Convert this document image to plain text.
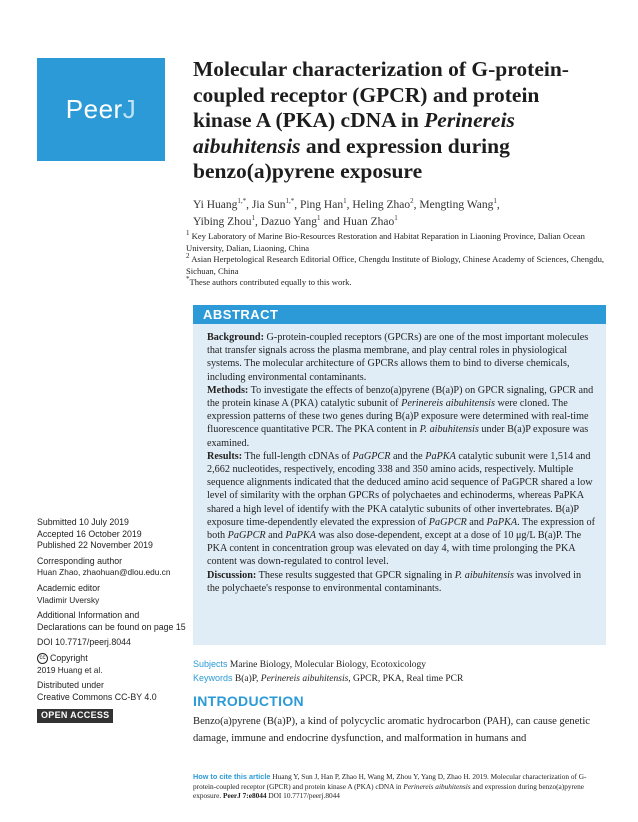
Peer J
Molecular characterization of G-protein-coupled receptor (GPCR) and protein kinase A (PKA) cDNA in Perinereis aibuhitensis and expression during benzo(a)pyrene exposure
Yi Huang$^{1,*}$, Jia Sun$^{1,*}$, Ping Han$^1$, Heling Zhao$^2$, Mengting Wang$^1$,
Yibing Zhou$^1$, Dazuo Yang$^1$ and Huan Zhao$^1$
$^1$ Key Laboratory of Marine Bio-Resources Restoration and Habitat Reparation in Liaoning Province, Dalian Ocean University, Dalian, Liaoning, China
$^2$ Asian Herpetological Research Editorial Office, Chengdu Institute of Biology, Chinese Academy of Sciences, Chengdu, Sichuan, China
*These authors contributed equally to this work.
ABSTRACT

Background: G-protein-coupled receptors (GPCRs) are one of the most important molecules that transfer signals across the plasma membrane, and play central roles in physiological systems. The molecular architecture of GPCRs allows them to bind to diverse chemicals, including environmental contaminants.

Methods: To investigate the effects of benzo(a)pyrene (B(a)P) on GPCR signaling, GPCR and the protein kinase A (PKA) catalytic subunit of Perinereis aibuhitensis were cloned. The expression patterns of these two genes during B(a)P exposure were determined with real-time fluorescence quantitative PCR. The PKA content in P. aibuhitensis under B(a)P exposure was examined.

Results: The full-length cDNAs of PaGPCR and the PaPKA catalytic subunit were 1,514 and 2,662 nucleotides, respectively, encoding 338 and 350 amino acids, respectively. Multiple sequence alignments indicated that the deduced amino acid sequence of PaGPCR shared a low level of similarity with the orphan GPCRs of polychaetes and echinoderms, whereas PaPKA shared a high level of identify with the PKA catalytic subunits of other invertebrates. B(a)P exposure time-dependently elevated the expression of PaGPCR and PaPKA. The expression of both PaGPCR and PaPKA was also dose-dependent, except at a dose of 10 μg/L B(a)P. The PKA content in concentration group was elevated on day 4, with time prolonging the PKA content was down-regulated to control level.

Discussion: These results suggested that GPCR signaling in P. aibuhitensis was involved in the polychaete's response to environmental contaminants.

Submitted 10 July 2019
Accepted 16 October 2019
Published 22 November 2019
Corresponding author
Huan Zhao, zhaohuan@dlou.edu.cn
Academic editor
Vladimir Uversky
Additional Information and Declarations can be found on page 15
DOI 10.7717/peerj.8044
cc Copyright
2019 Huang et al.
Distributed under
Creative Commons CC-BY 4.0
OPEN ACCESS
Subjects Marine Biology, Molecular Biology, Ecotoxicology
Keywords B(a)P, Perinereis aibuhitensis, GPCR, PKA, Real time PCR
INTRODUCTION
Benzo(a)pyrene (B(a)P), a kind of polycyclic aromatic hydrocarbon (PAH), can cause genetic damage, immune and endocrine dysfunction, and malformation in humans and
How to cite this article Huang Y, Sun J, Han P, Zhao H, Wang M, Zhou Y, Yang D, Zhao H. 2019. Molecular characterization of G-protein-coupled receptor (GPCR) and protein kinase A (PKA) cDNA in Perinereis aibuhitensis and expression during benzo(a)pyrene exposure. PeerJ 7:e8044 DOI 10.7717/peerj.8044
